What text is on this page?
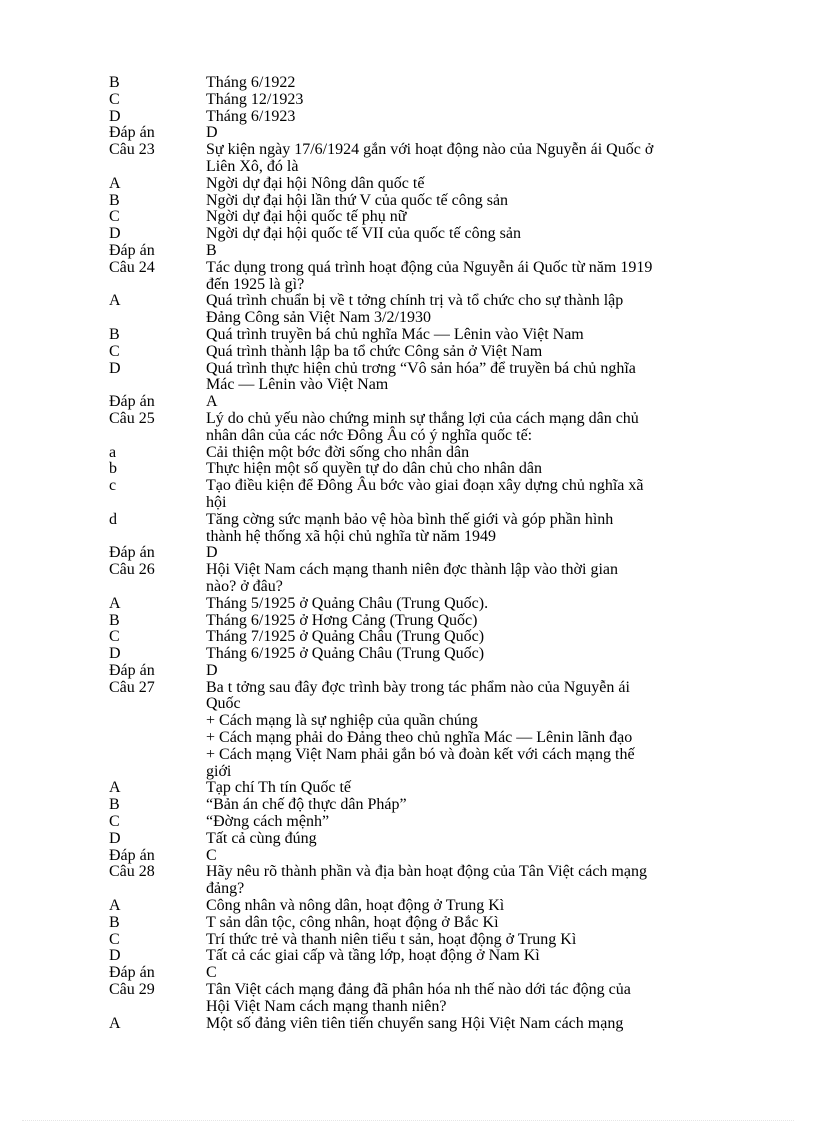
B	Tháng 6/1922
C	Tháng 12/1923
D	Tháng 6/1923
Đáp án	D
Câu 23	Sự kiện ngày 17/6/1924 gắn với hoạt động nào của Nguyễn ái Quốc ở
Liên Xô, đó là
A	Ngời dự đại hội Nông dân quốc tế
B	Ngời dự đại hội lần thứ V của quốc tế công sản
C	Ngời dự đại hội quốc tế phụ nữ
D	Ngời dự đại hội quốc tế VII của quốc tế công sản
Đáp án	B
Câu 24	Tác dụng trong quá trình hoạt động của Nguyễn ái Quốc từ năm 1919
đến 1925 là gì?
A	Quá trình chuẩn bị về t tởng chính trị và tổ chức cho sự thành lập
Đảng Công sản Việt Nam 3/2/1930
B	Quá trình truyền bá chủ nghĩa Mác — Lênin vào Việt Nam
C	Quá trình thành lập ba tổ chức Công sản ở Việt Nam
D	Quá trình thực hiện chủ trơng “Vô sản hóa” để truyền bá chủ nghĩa
Mác — Lênin vào Việt Nam
Đáp án	A
Câu 25	Lý do chủ yếu nào chứng minh sự thắng lợi của cách mạng dân chủ
nhân dân của các nớc Đông Âu có ý nghĩa quốc tế:
a	Cải thiện một bớc đời sống cho nhân dân
b	Thực hiện một số quyền tự do dân chủ cho nhân dân
c	Tạo điều kiện để Đông Âu bớc vào giai đoạn xây dựng chủ nghĩa xã
hội
d	Tăng cờng sức mạnh bảo vệ hòa bình thế giới và góp phần hình
thành hệ thống xã hội chủ nghĩa từ năm 1949
Đáp án	D
Câu 26	Hội Việt Nam cách mạng thanh niên đợc thành lập vào thời gian
nào? ở đâu?
A	Tháng 5/1925 ở Quảng Châu (Trung Quốc).
B	Tháng 6/1925 ở Hơng Cảng (Trung Quốc)
C	Tháng 7/1925 ở Quảng Châu (Trung Quốc)
D	Tháng 6/1925 ở Quảng Châu (Trung Quốc)
Đáp án	D
Câu 27	Ba t tởng sau đây đợc trình bày trong tác phẩm nào của Nguyễn ái
Quốc
+ Cách mạng là sự nghiệp của quần chúng
+ Cách mạng phải do Đảng theo chủ nghĩa Mác — Lênin lãnh đạo
+ Cách mạng Việt Nam phải gắn bó và đoàn kết với cách mạng thế
giới
A	Tạp chí Th tín Quốc tế
B	“Bản án chế độ thực dân Pháp”
C	“Đờng cách mệnh”
D	Tất cả cùng đúng
Đáp án	C
Câu 28	Hãy nêu rõ thành phần và địa bàn hoạt động của Tân Việt cách mạng
đảng?
A	Công nhân và nông dân, hoạt động ở Trung Kì
B	T sản dân tộc, công nhân, hoạt động ở Bắc Kì
C	Trí thức trẻ và thanh niên tiểu t sản, hoạt động ở Trung Kì
D	Tất cả các giai cấp và tầng lớp, hoạt động ở Nam Kì
Đáp án	C
Câu 29	Tân Việt cách mạng đảng đã phân hóa nh thế nào dới tác động của
Hội Việt Nam cách mạng thanh niên?
A	Một số đảng viên tiên tiến chuyển sang Hội Việt Nam cách mạng
